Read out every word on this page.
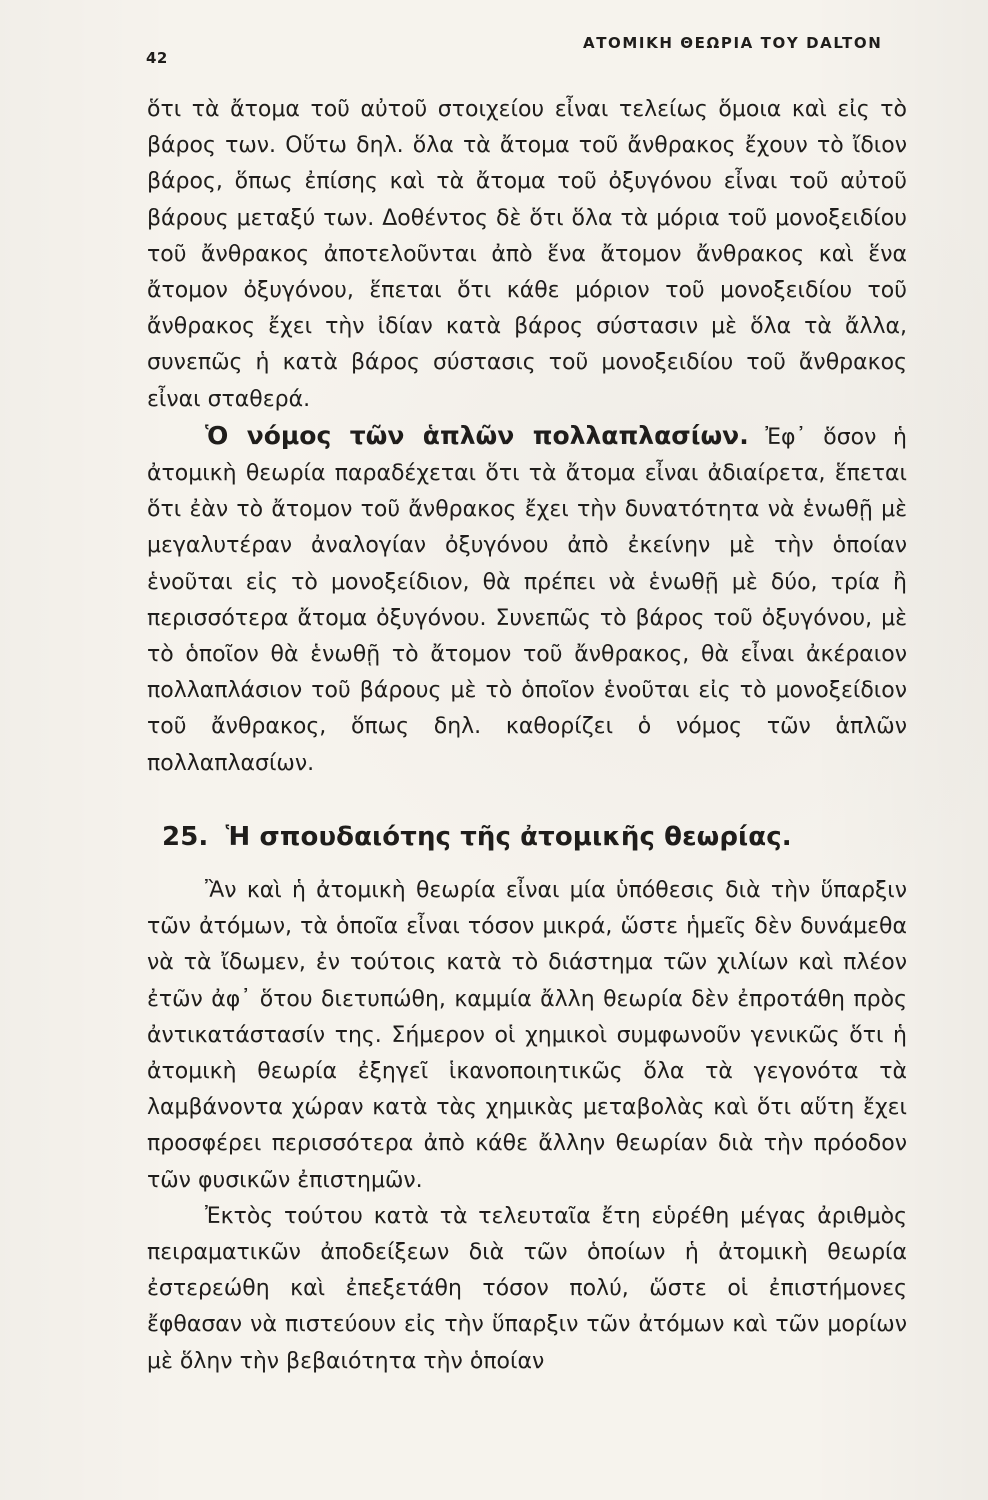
42
ΑΤΟΜΙΚΗ ΘΕΩΡΙΑ ΤΟΥ DALTON

ὅτι τὰ ἄτομα τοῦ αὐτοῦ στοιχείου εἶναι τελείως ὅμοια καὶ εἰς τὸ βάρος των. Οὕτω δηλ. ὅλα τὰ ἄτομα τοῦ ἄνθρακος ἔχουν τὸ ἴδιον βάρος, ὅπως ἐπίσης καὶ τὰ ἄτομα τοῦ ὀξυγόνου εἶναι τοῦ αὐτοῦ βάρους μεταξύ των. Δοθέντος δὲ ὅτι ὅλα τὰ μόρια τοῦ μονοξειδίου τοῦ ἄνθρακος ἀποτελοῦνται ἀπὸ ἕνα ἄτομον ἄνθρακος καὶ ἕνα ἄτομον ὀξυγόνου, ἕπεται ὅτι κάθε μόριον τοῦ μονοξειδίου τοῦ ἄνθρακος ἔχει τὴν ἰδίαν κατὰ βάρος σύστασιν μὲ ὅλα τὰ ἄλλα, συνεπῶς ἡ κατὰ βάρος σύστασις τοῦ μονοξειδίου τοῦ ἄνθρακος εἶναι σταθερά.

Ὁ νόμος τῶν ἁπλῶν πολλαπλασίων. Ἐφ᾽ ὅσον ἡ ἀτομικὴ θεωρία παραδέχεται ὅτι τὰ ἄτομα εἶναι ἀδιαίρετα, ἕπεται ὅτι ἐὰν τὸ ἄτομον τοῦ ἄνθρακος ἔχει τὴν δυνατότητα νὰ ἑνωθῇ μὲ μεγαλυτέραν ἀναλογίαν ὀξυγόνου ἀπὸ ἐκείνην μὲ τὴν ὁποίαν ἑνοῦται εἰς τὸ μονοξείδιον, θὰ πρέπει νὰ ἑνωθῇ μὲ δύο, τρία ἢ περισσότερα ἄτομα ὀξυγόνου. Συνεπῶς τὸ βάρος τοῦ ὀξυγόνου, μὲ τὸ ὁποῖον θὰ ἑνωθῇ τὸ ἄτομον τοῦ ἄνθρακος, θὰ εἶναι ἀκέραιον πολλαπλάσιον τοῦ βάρους μὲ τὸ ὁποῖον ἑνοῦται εἰς τὸ μονοξείδιον τοῦ ἄνθρακος, ὅπως δηλ. καθορίζει ὁ νόμος τῶν ἁπλῶν πολλαπλασίων.

25. Ἡ σπουδαιότης τῆς ἀτομικῆς θεωρίας.

Ἂν καὶ ἡ ἀτομικὴ θεωρία εἶναι μία ὑπόθεσις διὰ τὴν ὕπαρξιν τῶν ἀτόμων, τὰ ὁποῖα εἶναι τόσον μικρά, ὥστε ἡμεῖς δὲν δυνάμεθα νὰ τὰ ἴδωμεν, ἐν τούτοις κατὰ τὸ διάστημα τῶν χιλίων καὶ πλέον ἐτῶν ἀφ᾽ ὅτου διετυπώθη, καμμία ἄλλη θεωρία δὲν ἐπροτάθη πρὸς ἀντικατάστασίν της. Σήμερον οἱ χημικοὶ συμφωνοῦν γενικῶς ὅτι ἡ ἀτομικὴ θεωρία ἐξηγεῖ ἱκανοποιητικῶς ὅλα τὰ γεγονότα τὰ λαμβάνοντα χώραν κατὰ τὰς χημικὰς μεταβολὰς καὶ ὅτι αὕτη ἔχει προσφέρει περισσότερα ἀπὸ κάθε ἄλλην θεωρίαν διὰ τὴν πρόοδον τῶν φυσικῶν ἐπιστημῶν.

Ἐκτὸς τούτου κατὰ τὰ τελευταῖα ἔτη εὑρέθη μέγας ἀριθμὸς πειραματικῶν ἀποδείξεων διὰ τῶν ὁποίων ἡ ἀτομικὴ θεωρία ἐστερεώθη καὶ ἐπεξετάθη τόσον πολύ, ὥστε οἱ ἐπιστήμονες ἔφθασαν νὰ πιστεύουν εἰς τὴν ὕπαρξιν τῶν ἀτόμων καὶ τῶν μορίων μὲ ὅλην τὴν βεβαιότητα τὴν ὁποίαν
